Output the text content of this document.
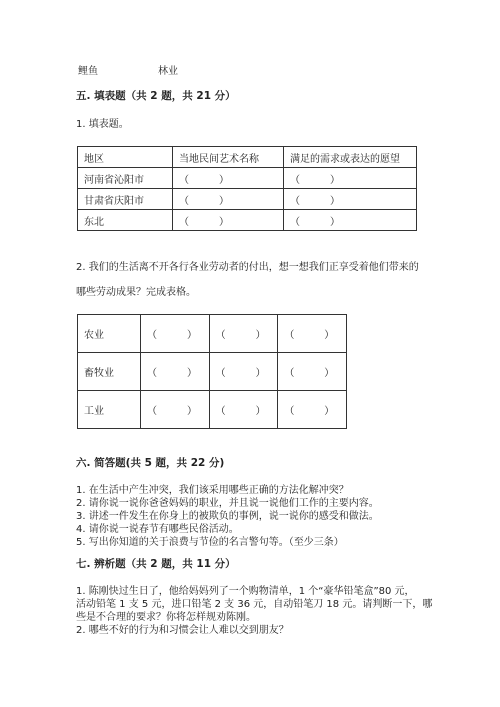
鲤鱼	林业
五. 填表题（共 2 题，共 21 分）
1. 填表题。
地区	当地民间艺术名称	满足的需求或表达的愿望
河南省沁阳市	（　　　）	（　　　）
甘肃省庆阳市	（　　　）	（　　　）
东北	（　　　）	（　　　）
2. 我们的生活离不开各行各业劳动者的付出，想一想我们正享受着他们带来的
哪些劳动成果？完成表格。
农业	（　　　）	（　　　）	（　　　）
畜牧业	（　　　）	（　　　）	（　　　）
工业	（　　　）	（　　　）	（　　　）
六. 简答题(共 5 题，共 22 分)
1. 在生活中产生冲突，我们该采用哪些正确的方法化解冲突？
2. 请你说一说你爸爸妈妈的职业，并且说一说他们工作的主要内容。
3. 讲述一件发生在你身上的被欺负的事例，说一说你的感受和做法。
4. 请你说一说春节有哪些民俗活动。
5. 写出你知道的关于浪费与节俭的名言警句等。（至少三条）
七. 辨析题（共 2 题，共 11 分）
1. 陈刚快过生日了，他给妈妈列了一个购物清单，1 个“豪华铅笔盒”80 元，
活动铅笔 1 支 5 元，进口铅笔 2 支 36 元，自动铅笔刀 18 元。请判断一下，哪
些是不合理的要求？你将怎样规劝陈刚。
2. 哪些不好的行为和习惯会让人难以交到朋友？
